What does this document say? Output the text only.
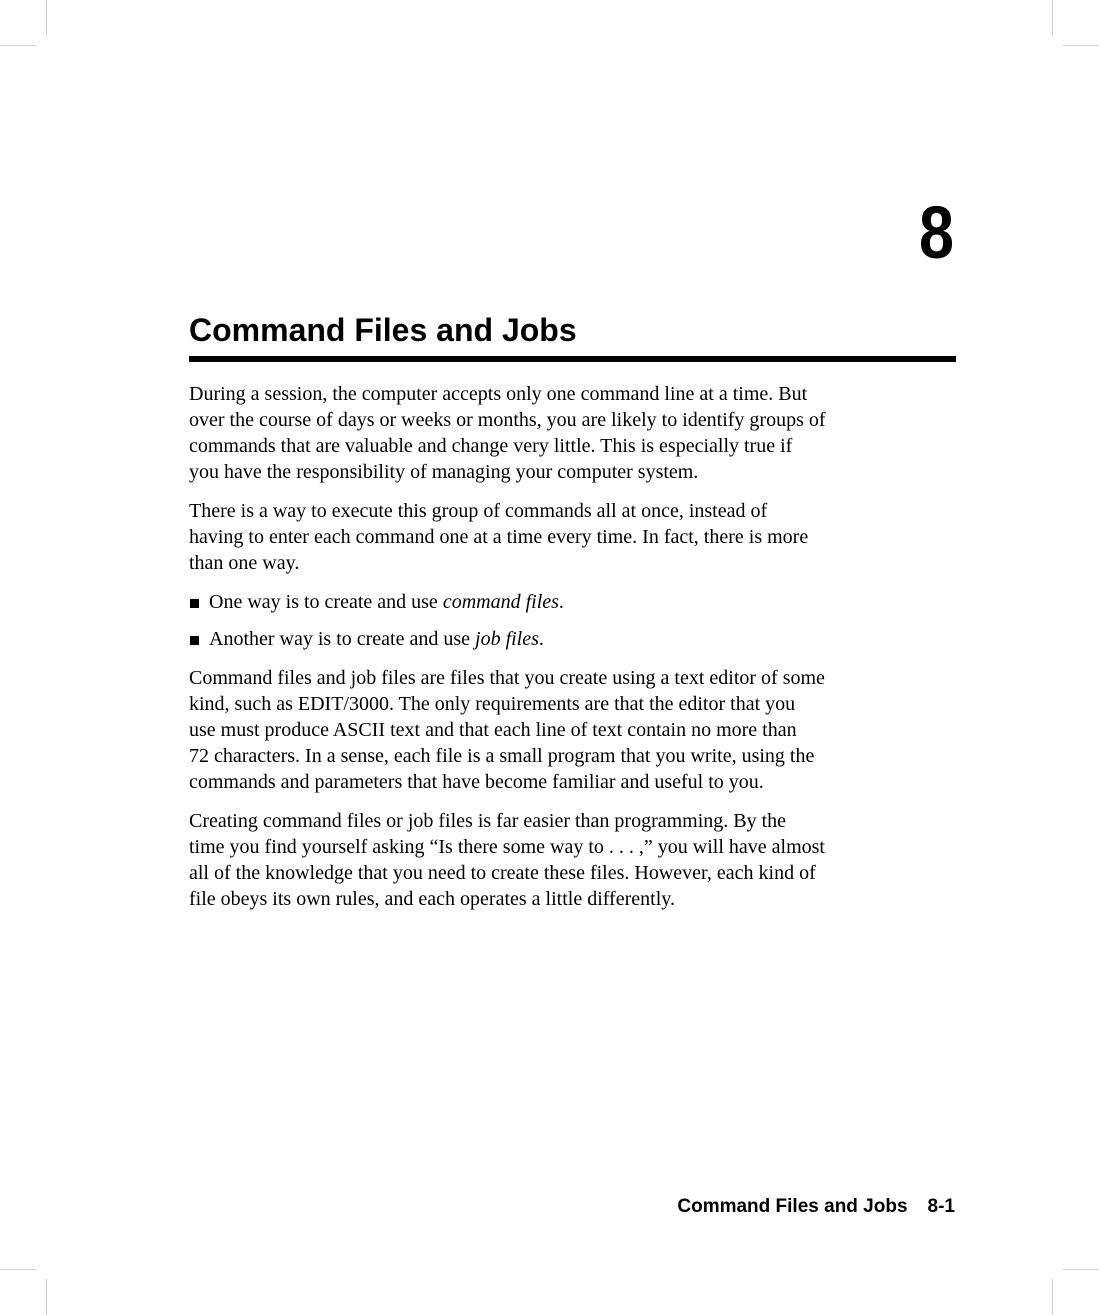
8
Command Files and Jobs

During a session, the computer accepts only one command line at a time. But
over the course of days or weeks or months, you are likely to identify groups of
commands that are valuable and change very little. This is especially true if
you have the responsibility of managing your computer system.

There is a way to execute this group of commands all at once, instead of
having to enter each command one at a time every time. In fact, there is more
than one way.

One way is to create and use command files.
Another way is to create and use job files.

Command files and job files are files that you create using a text editor of some
kind, such as EDIT/3000. The only requirements are that the editor that you
use must produce ASCII text and that each line of text contain no more than
72 characters. In a sense, each file is a small program that you write, using the
commands and parameters that have become familiar and useful to you.

Creating command files or job files is far easier than programming. By the
time you find yourself asking “Is there some way to . . . ,” you will have almost
all of the knowledge that you need to create these files. However, each kind of
file obeys its own rules, and each operates a little differently.

Command Files and Jobs 8-1
